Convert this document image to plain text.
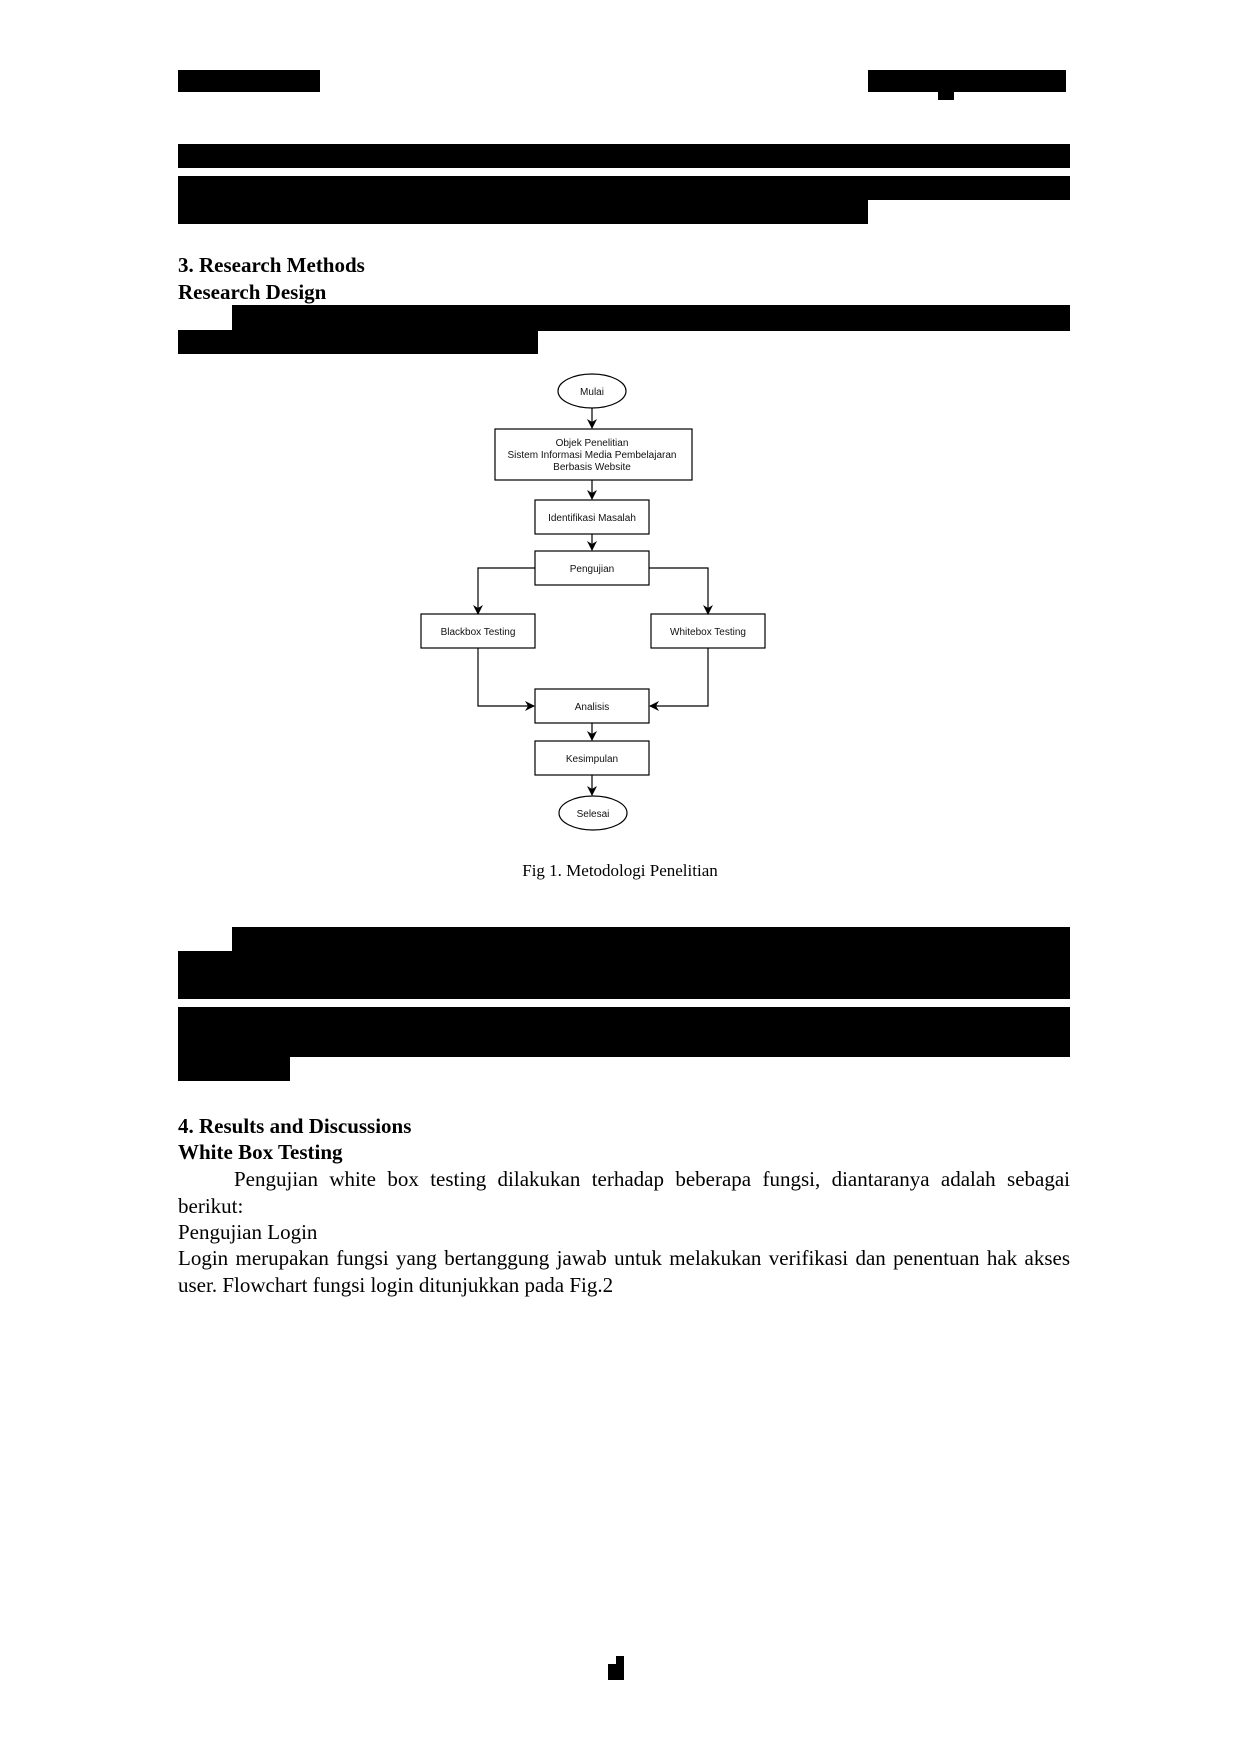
3. Research Methods
Research Design
Mulai
Objek Penelitian
Sistem Informasi Media Pembelajaran
Berbasis Website
Identifikasi Masalah
Pengujian
Blackbox Testing	Whitebox Testing
Analisis
Kesimpulan
Selesai
Fig 1. Metodologi Penelitian
4. Results and Discussions
White Box Testing
Pengujian white box testing dilakukan terhadap beberapa fungsi, diantaranya adalah sebagai berikut:
Pengujian Login
Login merupakan fungsi yang bertanggung jawab untuk melakukan verifikasi dan penentuan hak akses user. Flowchart fungsi login ditunjukkan pada Fig.2
